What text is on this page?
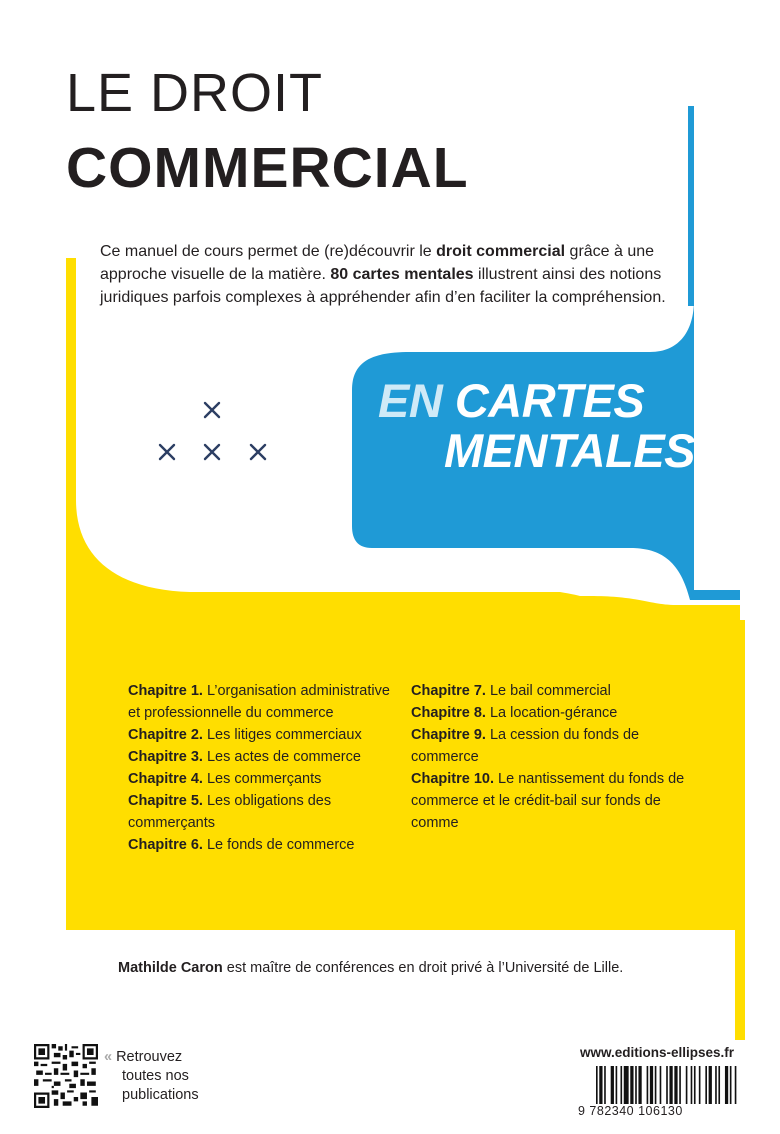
LE DROIT
COMMERCIAL
Ce manuel de cours permet de (re)découvrir le droit commercial grâce à une approche visuelle de la matière. 80 cartes mentales illustrent ainsi des notions juridiques parfois complexes à appréhender afin d’en faciliter la compréhension.
EN CARTES
MENTALES
Chapitre 1. L’organisation administrative et professionnelle du commerce
Chapitre 2. Les litiges commerciaux
Chapitre 3. Les actes de commerce
Chapitre 4. Les commerçants
Chapitre 5. Les obligations des commerçants
Chapitre 6. Le fonds de commerce
Chapitre 7. Le bail commercial
Chapitre 8. La location-gérance
Chapitre 9. La cession du fonds de commerce
Chapitre 10. Le nantissement du fonds de commerce et le crédit-bail sur fonds de comme
Mathilde Caron est maître de conférences en droit privé à l’Université de Lille.
« Retrouvez
toutes nos
publications
www.editions-ellipses.fr
9 782340 106130
